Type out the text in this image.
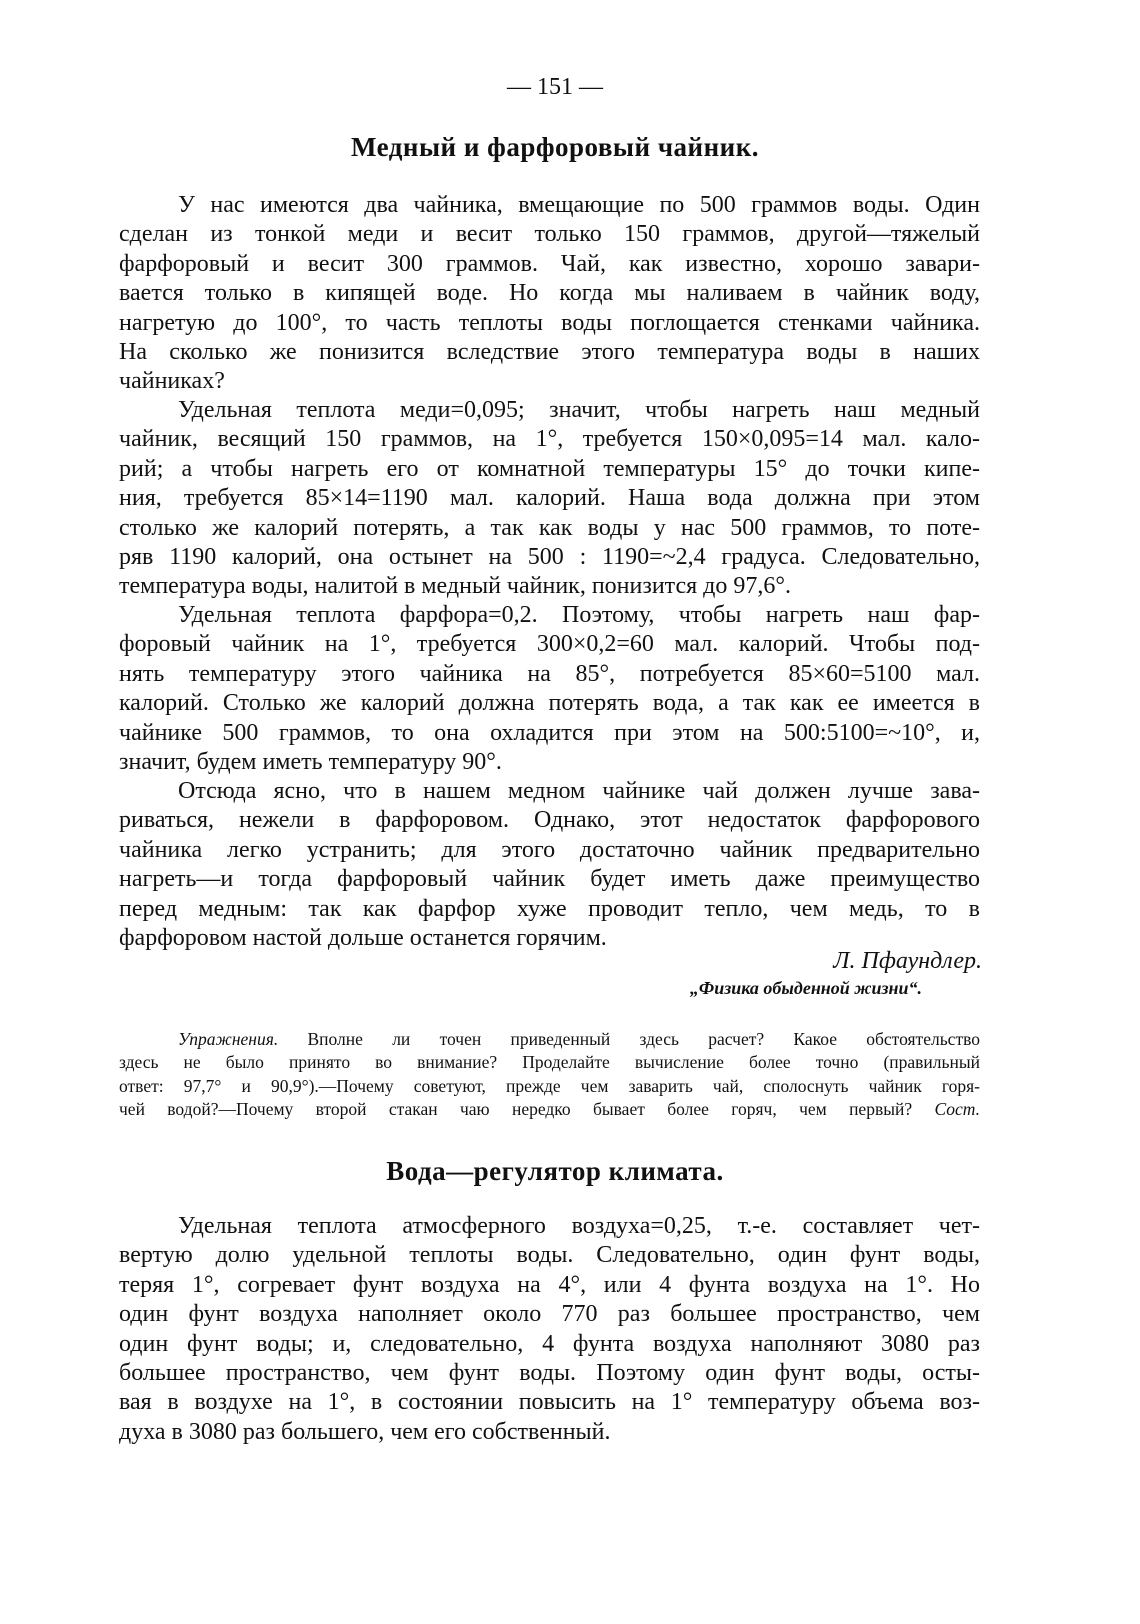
— 151 —
Медный и фарфоровый чайник.
У нас имеются два чайника, вмещающие по 500 граммов воды. Один
сделан из тонкой меди и весит только 150 граммов, другой—тяжелый
фарфоровый и весит 300 граммов. Чай, как известно, хорошо завари-
вается только в кипящей воде. Но когда мы наливаем в чайник воду,
нагретую до 100°, то часть теплоты воды поглощается стенками чайника.
На сколько же понизится вследствие этого температура воды в наших
чайниках?
Удельная теплота меди=0,095; значит, чтобы нагреть наш медный
чайник, весящий 150 граммов, на 1°, требуется 150×0,095=14 мал. кало-
рий; а чтобы нагреть его от комнатной температуры 15° до точки кипе-
ния, требуется 85×14=1190 мал. калорий. Наша вода должна при этом
столько же калорий потерять, а так как воды у нас 500 граммов, то поте-
ряв 1190 калорий, она остынет на 500 : 1190=~2,4 градуса. Следовательно,
температура воды, налитой в медный чайник, понизится до 97,6°.
Удельная теплота фарфора=0,2. Поэтому, чтобы нагреть наш фар-
форовый чайник на 1°, требуется 300×0,2=60 мал. калорий. Чтобы под-
нять температуру этого чайника на 85°, потребуется 85×60=5100 мал.
калорий. Столько же калорий должна потерять вода, а так как ее имеется в
чайнике 500 граммов, то она охладится при этом на 500:5100=~10°, и,
значит, будем иметь температуру 90°.
Отсюда ясно, что в нашем медном чайнике чай должен лучше зава-
риваться, нежели в фарфоровом. Однако, этот недостаток фарфорового
чайника легко устранить; для этого достаточно чайник предварительно
нагреть—и тогда фарфоровый чайник будет иметь даже преимущество
перед медным: так как фарфор хуже проводит тепло, чем медь, то в
фарфоровом настой дольше останется горячим.
Л. Пфаундлер.
„Физика обыденной жизни“.
Упражнения. Вполне ли точен приведенный здесь расчет? Какое обстоятельство
здесь не было принято во внимание? Проделайте вычисление более точно (правильный
ответ: 97,7° и 90,9°).—Почему советуют, прежде чем заварить чай, сполоснуть чайник горя-
чей водой?—Почему второй стакан чаю нередко бывает более горяч, чем первый? Сост.
Вода—регулятор климата.
Удельная теплота атмосферного воздуха=0,25, т.-е. составляет чет-
вертую долю удельной теплоты воды. Следовательно, один фунт воды,
теряя 1°, согревает фунт воздуха на 4°, или 4 фунта воздуха на 1°. Но
один фунт воздуха наполняет около 770 раз большее пространство, чем
один фунт воды; и, следовательно, 4 фунта воздуха наполняют 3080 раз
большее пространство, чем фунт воды. Поэтому один фунт воды, осты-
вая в воздухе на 1°, в состоянии повысить на 1° температуру объема воз-
духа в 3080 раз большего, чем его собственный.
